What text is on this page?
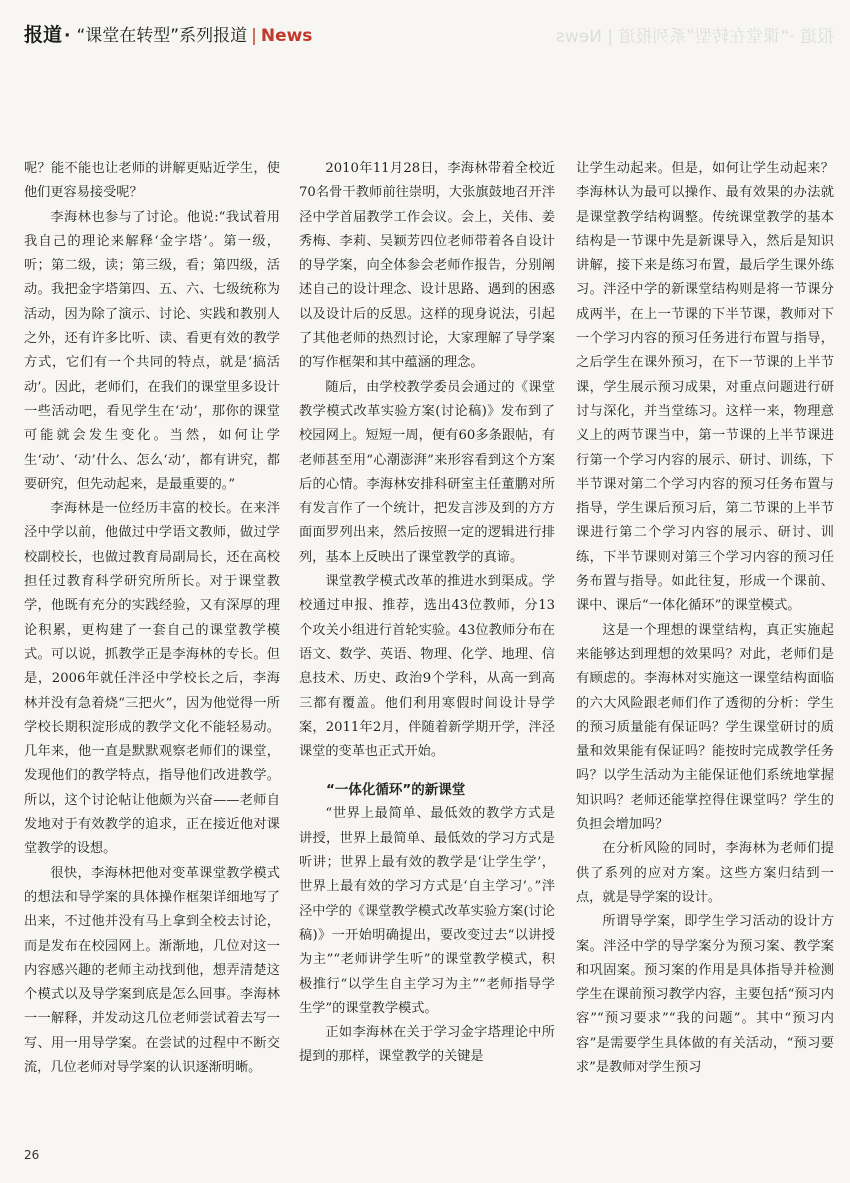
报道 · “课堂在转型”系列报道 | News	报道 ·“课堂在转型”系列报道 | News

呢？能不能也让老师的讲解更贴近学生，使他们更容易接受呢？

李海林也参与了讨论。他说:“我试着用我自己的理论来解释‘金字塔’。第一级，听；第二级，读；第三级，看；第四级，活动。我把金字塔第四、五、六、七级统称为活动，因为除了演示、讨论、实践和教别人之外，还有许多比听、读、看更有效的教学方式，它们有一个共同的特点，就是‘搞活动’。因此，老师们，在我们的课堂里多设计一些活动吧，看见学生在‘动’，那你的课堂可能就会发生变化。当然，如何让学生‘动’、‘动’什么、怎么‘动’，都有讲究，都要研究，但先动起来，是最重要的。”

李海林是一位经历丰富的校长。在来泮泾中学以前，他做过中学语文教师，做过学校副校长，也做过教育局副局长，还在高校担任过教育科学研究所所长。对于课堂教学，他既有充分的实践经验，又有深厚的理论积累，更构建了一套自己的课堂教学模式。可以说，抓教学正是李海林的专长。但是，2006年就任泮泾中学校长之后，李海林并没有急着烧“三把火”，因为他觉得一所学校长期积淀形成的教学文化不能轻易动。几年来，他一直是默默观察老师们的课堂，发现他们的教学特点，指导他们改进教学。所以，这个讨论帖让他颇为兴奋——老师自发地对于有效教学的追求，正在接近他对课堂教学的设想。

很快，李海林把他对变革课堂教学模式的想法和导学案的具体操作框架详细地写了出来，不过他并没有马上拿到全校去讨论，而是发布在校园网上。渐渐地，几位对这一内容感兴趣的老师主动找到他，想弄清楚这个模式以及导学案到底是怎么回事。李海林一一解释，并发动这几位老师尝试着去写一写、用一用导学案。在尝试的过程中不断交流，几位老师对导学案的认识逐渐明晰。

2010年11月28日，李海林带着全校近70名骨干教师前往崇明，大张旗鼓地召开泮泾中学首届教学工作会议。会上，关伟、姜秀梅、李莉、吴颖芳四位老师带着各自设计的导学案，向全体参会老师作报告，分别阐述自己的设计理念、设计思路、遇到的困惑以及设计后的反思。这样的现身说法，引起了其他老师的热烈讨论，大家理解了导学案的写作框架和其中蕴涵的理念。

随后，由学校教学委员会通过的《课堂教学模式改革实验方案(讨论稿)》发布到了校园网上。短短一周，便有60多条跟帖，有老师甚至用“心潮澎湃”来形容看到这个方案后的心情。李海林安排科研室主任董鹏对所有发言作了一个统计，把发言涉及到的方方面面罗列出来，然后按照一定的逻辑进行排列，基本上反映出了课堂教学的真谛。

课堂教学模式改革的推进水到渠成。学校通过申报、推荐，选出43位教师，分13个攻关小组进行首轮实验。43位教师分布在语文、数学、英语、物理、化学、地理、信息技术、历史、政治9个学科，从高一到高三都有覆盖。他们利用寒假时间设计导学案，2011年2月，伴随着新学期开学，泮泾课堂的变革也正式开始。

“一体化循环”的新课堂

“世界上最简单、最低效的教学方式是讲授，世界上最简单、最低效的学习方式是听讲；世界上最有效的教学是‘让学生学’，世界上最有效的学习方式是‘自主学习’。”泮泾中学的《课堂教学模式改革实验方案(讨论稿)》一开始明确提出，要改变过去“以讲授为主”“老师讲学生听”的课堂教学模式，积极推行“以学生自主学习为主”“老师指导学生学”的课堂教学模式。

正如李海林在关于学习金字塔理论中所提到的那样，课堂教学的关键是

让学生动起来。但是，如何让学生动起来？李海林认为最可以操作、最有效果的办法就是课堂教学结构调整。传统课堂教学的基本结构是一节课中先是新课导入，然后是知识讲解，接下来是练习布置，最后学生课外练习。泮泾中学的新课堂结构则是将一节课分成两半，在上一节课的下半节课，教师对下一个学习内容的预习任务进行布置与指导，之后学生在课外预习，在下一节课的上半节课，学生展示预习成果，对重点问题进行研讨与深化，并当堂练习。这样一来，物理意义上的两节课当中，第一节课的上半节课进行第一个学习内容的展示、研讨、训练，下半节课对第二个学习内容的预习任务布置与指导，学生课后预习后，第二节课的上半节课进行第二个学习内容的展示、研讨、训练，下半节课则对第三个学习内容的预习任务布置与指导。如此往复，形成一个课前、课中、课后“一体化循环”的课堂模式。

这是一个理想的课堂结构，真正实施起来能够达到理想的效果吗？对此，老师们是有顾虑的。李海林对实施这一课堂结构面临的六大风险跟老师们作了透彻的分析：学生的预习质量能有保证吗？学生课堂研讨的质量和效果能有保证吗？能按时完成教学任务吗？以学生活动为主能保证他们系统地掌握知识吗？老师还能掌控得住课堂吗？学生的负担会增加吗？

在分析风险的同时，李海林为老师们提供了系列的应对方案。这些方案归结到一点，就是导学案的设计。

所谓导学案，即学生学习活动的设计方案。泮泾中学的导学案分为预习案、教学案和巩固案。预习案的作用是具体指导并检测学生在课前预习教学内容，主要包括“预习内容”“预习要求”“我的问题”。其中“预习内容”是需要学生具体做的有关活动，“预习要求”是教师对学生预习

26
